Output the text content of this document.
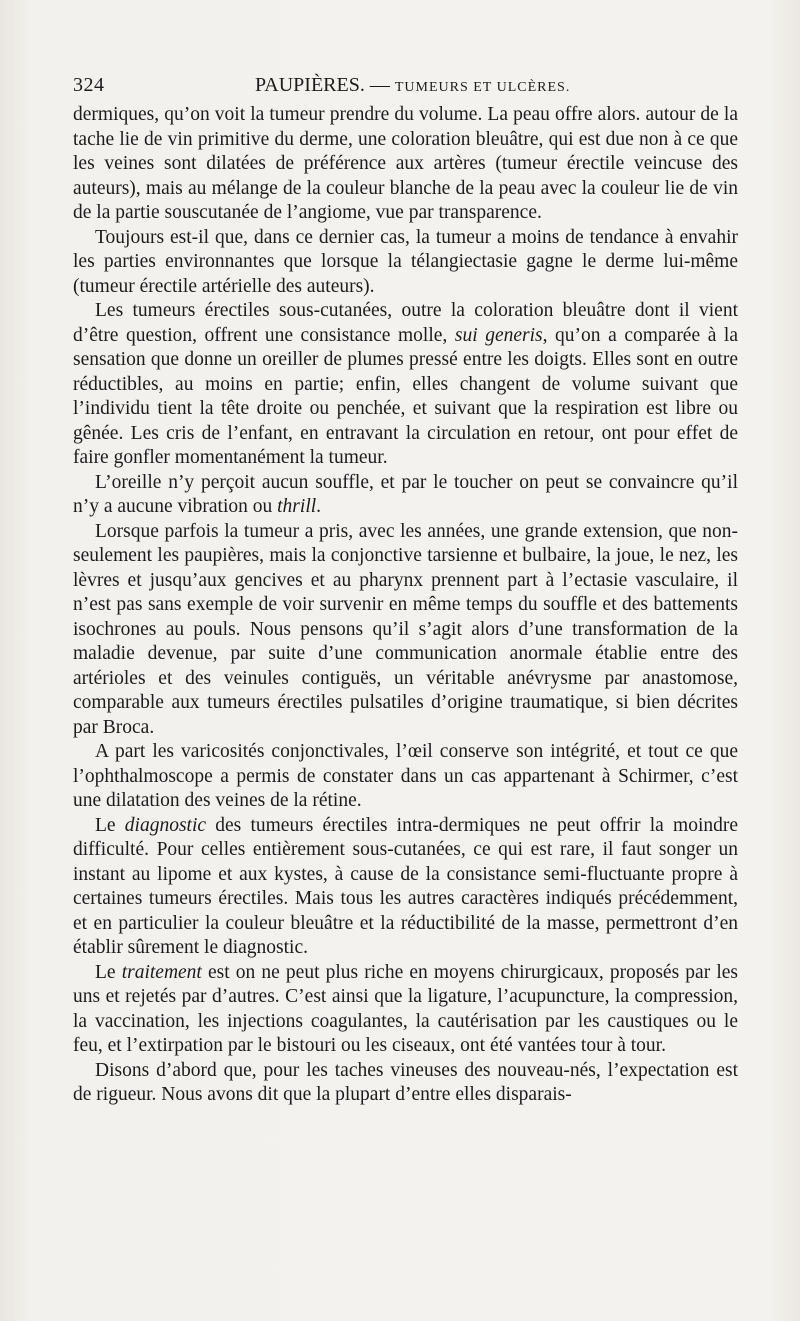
324	PAUPIÈRES. — TUMEURS ET ULCÈRES.

dermiques, qu’on voit la tumeur prendre du volume. La peau offre alors. autour de la tache lie de vin primitive du derme, une coloration bleuâtre, qui est due non à ce que les veines sont dilatées de préférence aux artères (tumeur érectile veincuse des auteurs), mais au mélange de la couleur blanche de la peau avec la couleur lie de vin de la partie souscutanée de l’angiome, vue par transparence.

Toujours est-il que, dans ce dernier cas, la tumeur a moins de tendance à envahir les parties environnantes que lorsque la télangiectasie gagne le derme lui-même (tumeur érectile artérielle des auteurs).

Les tumeurs érectiles sous-cutanées, outre la coloration bleuâtre dont il vient d’être question, offrent une consistance molle, sui generis, qu’on a comparée à la sensation que donne un oreiller de plumes pressé entre les doigts. Elles sont en outre réductibles, au moins en partie; enfin, elles changent de volume suivant que l’individu tient la tête droite ou penchée, et suivant que la respiration est libre ou gênée. Les cris de l’enfant, en entravant la circulation en retour, ont pour effet de faire gonfler momentanément la tumeur.

L’oreille n’y perçoit aucun souffle, et par le toucher on peut se convaincre qu’il n’y a aucune vibration ou thrill.

Lorsque parfois la tumeur a pris, avec les années, une grande extension, que non-seulement les paupières, mais la conjonctive tarsienne et bulbaire, la joue, le nez, les lèvres et jusqu’aux gencives et au pharynx prennent part à l’ectasie vasculaire, il n’est pas sans exemple de voir survenir en même temps du souffle et des battements isochrones au pouls. Nous pensons qu’il s’agit alors d’une transformation de la maladie devenue, par suite d’une communication anormale établie entre des artérioles et des veinules contiguës, un véritable anévrysme par anastomose, comparable aux tumeurs érectiles pulsatiles d’origine traumatique, si bien décrites par Broca.

A part les varicosités conjonctivales, l’œil conserve son intégrité, et tout ce que l’ophthalmoscope a permis de constater dans un cas appartenant à Schirmer, c’est une dilatation des veines de la rétine.

Le diagnostic des tumeurs érectiles intra-dermiques ne peut offrir la moindre difficulté. Pour celles entièrement sous-cutanées, ce qui est rare, il faut songer un instant au lipome et aux kystes, à cause de la consistance semi-fluctuante propre à certaines tumeurs érectiles. Mais tous les autres caractères indiqués précédemment, et en particulier la couleur bleuâtre et la réductibilité de la masse, permettront d’en établir sûrement le diagnostic.

Le traitement est on ne peut plus riche en moyens chirurgicaux, proposés par les uns et rejetés par d’autres. C’est ainsi que la ligature, l’acupuncture, la compression, la vaccination, les injections coagulantes, la cautérisation par les caustiques ou le feu, et l’extirpation par le bistouri ou les ciseaux, ont été vantées tour à tour.

Disons d’abord que, pour les taches vineuses des nouveau-nés, l’expectation est de rigueur. Nous avons dit que la plupart d’entre elles disparais-
